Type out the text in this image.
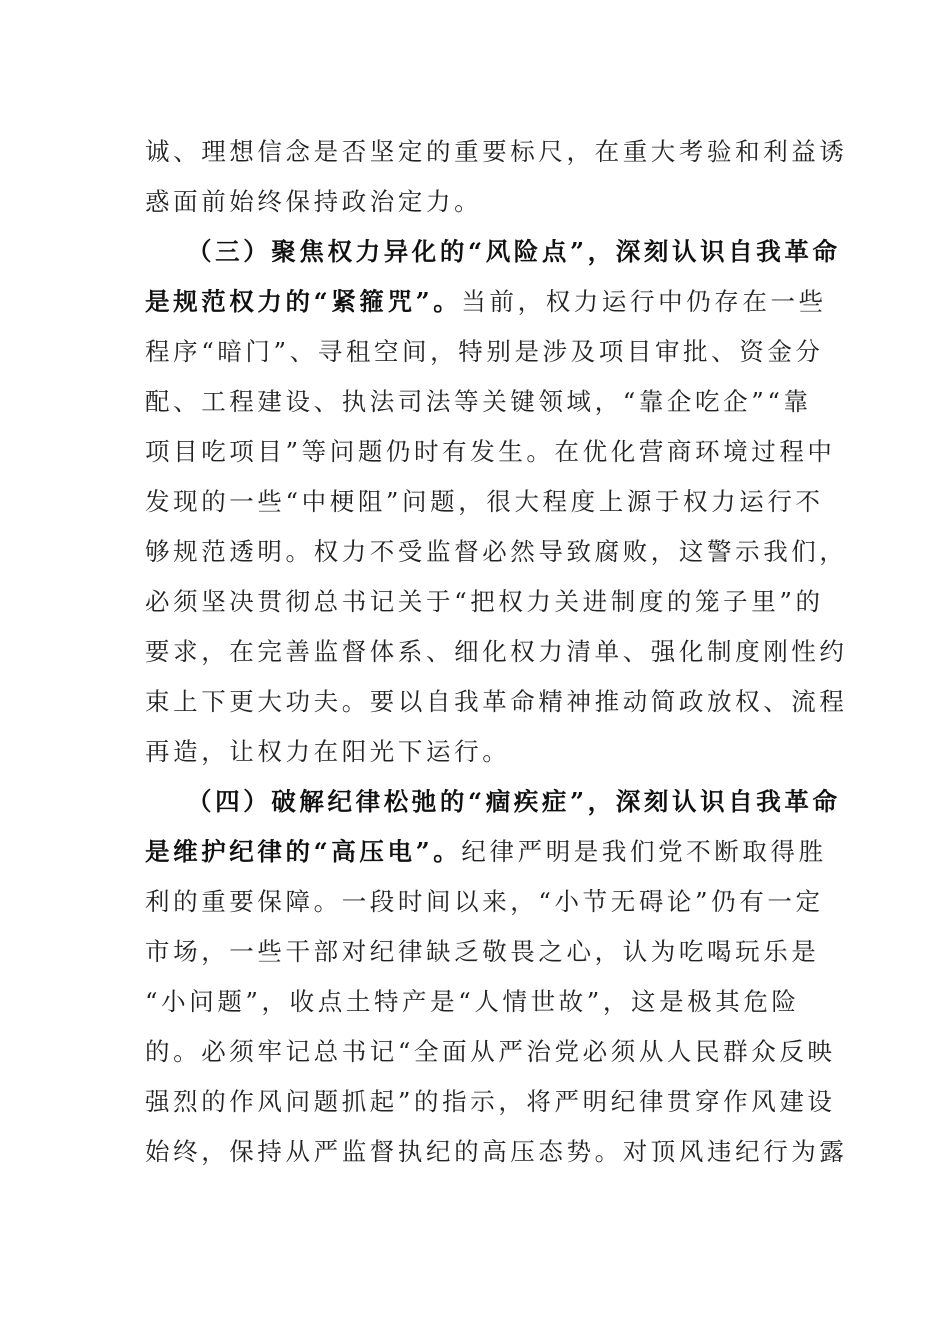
诚、理想信念是否坚定的重要标尺，在重大考验和利益诱
惑面前始终保持政治定力。
（三）聚焦权力异化的“风险点”，深刻认识自我革命
是规范权力的“紧箍咒”。当前，权力运行中仍存在一些
程序“暗门”、寻租空间，特别是涉及项目审批、资金分
配、工程建设、执法司法等关键领域，“靠企吃企”“靠
项目吃项目”等问题仍时有发生。在优化营商环境过程中
发现的一些“中梗阻”问题，很大程度上源于权力运行不
够规范透明。权力不受监督必然导致腐败，这警示我们，
必须坚决贯彻总书记关于“把权力关进制度的笼子里”的
要求，在完善监督体系、细化权力清单、强化制度刚性约
束上下更大功夫。要以自我革命精神推动简政放权、流程
再造，让权力在阳光下运行。
（四）破解纪律松弛的“痼疾症”，深刻认识自我革命
是维护纪律的“高压电”。纪律严明是我们党不断取得胜
利的重要保障。一段时间以来，“小节无碍论”仍有一定
市场，一些干部对纪律缺乏敬畏之心，认为吃喝玩乐是
“小问题”，收点土特产是“人情世故”，这是极其危险
的。必须牢记总书记“全面从严治党必须从人民群众反映
强烈的作风问题抓起”的指示，将严明纪律贯穿作风建设
始终，保持从严监督执纪的高压态势。对顶风违纪行为露
